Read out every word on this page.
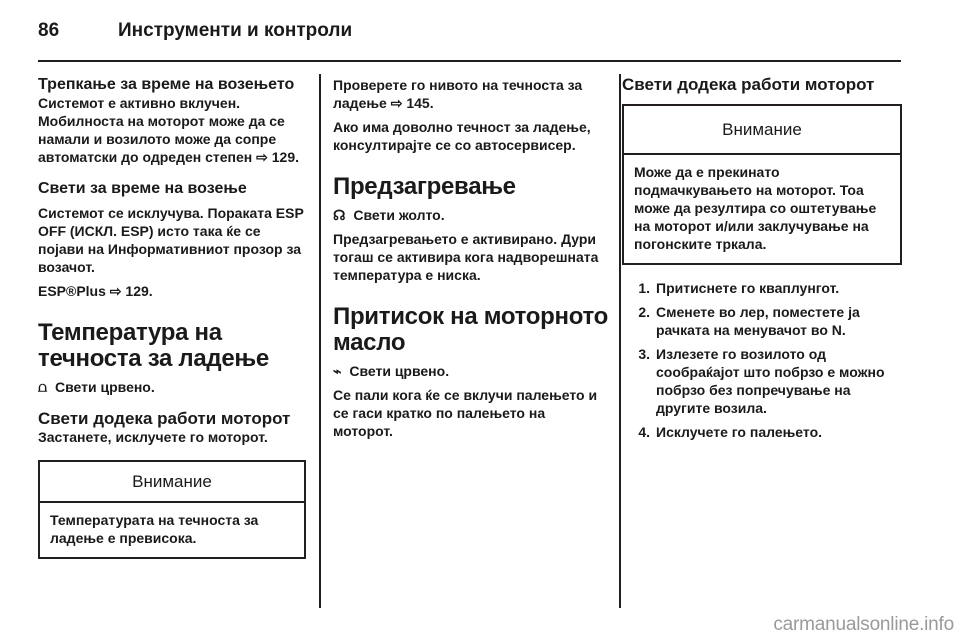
86	Инструменти и контроли
Трепкање за време на возењето
Системот е активно вклучен. Мобилноста на моторот може да се намали и возилото може да сопре автоматски до одреден степен ⇨ 129.
Свети за време на возење
Системот се исклучува. Пораката ESP OFF (ИСКЛ. ESP) исто така ќе се појави на Информативниот прозор за возачот.
ESP®Plus ⇨ 129.
Температура на течноста за ладење
⩍ Свети црвено.
Свети додека работи моторот
Застанете, исклучете го моторот.
Внимание
Температурата на течноста за ладење е превисока.
Проверете го нивото на течноста за ладење ⇨ 145.
Ако има доволно течност за ладење, консултирајте се со автосервисер.
Предзагревање
☊ Свети жолто.
Предзагревањето е активирано. Дури тогаш се активира кога надворешната температура е ниска.
Притисок на моторното масло
⌁ Свети црвено.
Се пали кога ќе се вклучи палењето и се гаси кратко по палењето на моторот.
Свети додека работи моторот
Внимание
Може да е прекинато подмачкувањето на моторот. Тоа може да резултира со оштетување на моторот и/или заклучување на погонските тркала.
1. Притиснете го кваплунгот.
2. Сменете во лер, поместете ја рачката на менувачот во N.
3. Излезете го возилото од сообраќајот што побрзо е можно побрзо без попречување на другите возила.
4. Исклучете го палењето.
carmanualsonline.info
